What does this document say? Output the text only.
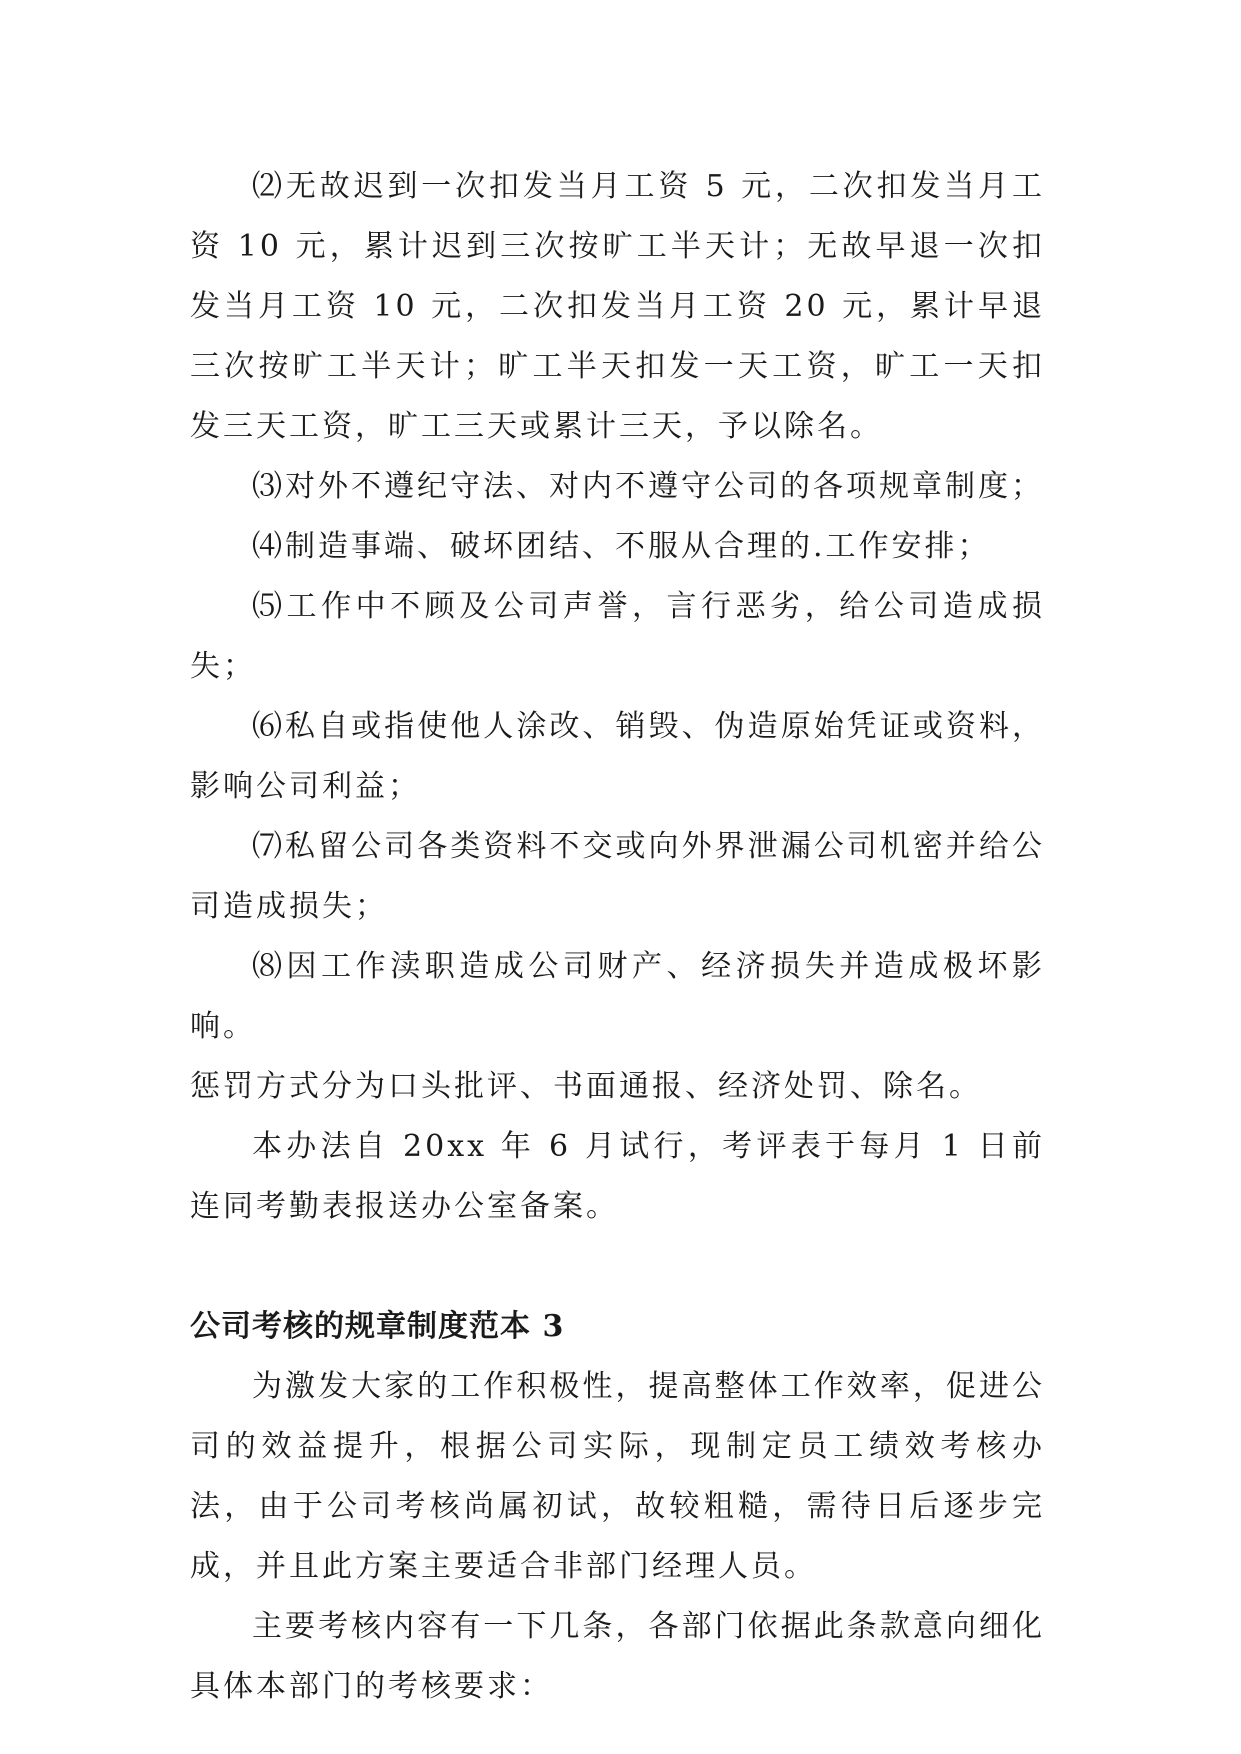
⑵无故迟到一次扣发当月工资 5 元，二次扣发当月工资 10 元，累计迟到三次按旷工半天计；无故早退一次扣发当月工资 10 元，二次扣发当月工资 20 元，累计早退三次按旷工半天计；旷工半天扣发一天工资，旷工一天扣发三天工资，旷工三天或累计三天，予以除名。

⑶对外不遵纪守法、对内不遵守公司的各项规章制度；

⑷制造事端、破坏团结、不服从合理的.工作安排；

⑸工作中不顾及公司声誉，言行恶劣，给公司造成损失；

⑹私自或指使他人涂改、销毁、伪造原始凭证或资料，影响公司利益；

⑺私留公司各类资料不交或向外界泄漏公司机密并给公司造成损失；

⑻因工作渎职造成公司财产、经济损失并造成极坏影响。

惩罚方式分为口头批评、书面通报、经济处罚、除名。

本办法自 20xx 年 6 月试行，考评表于每月 1 日前连同考勤表报送办公室备案。

公司考核的规章制度范本 3

为激发大家的工作积极性，提高整体工作效率，促进公司的效益提升，根据公司实际，现制定员工绩效考核办法，由于公司考核尚属初试，故较粗糙，需待日后逐步完成，并且此方案主要适合非部门经理人员。

主要考核内容有一下几条，各部门依据此条款意向细化具体本部门的考核要求：
